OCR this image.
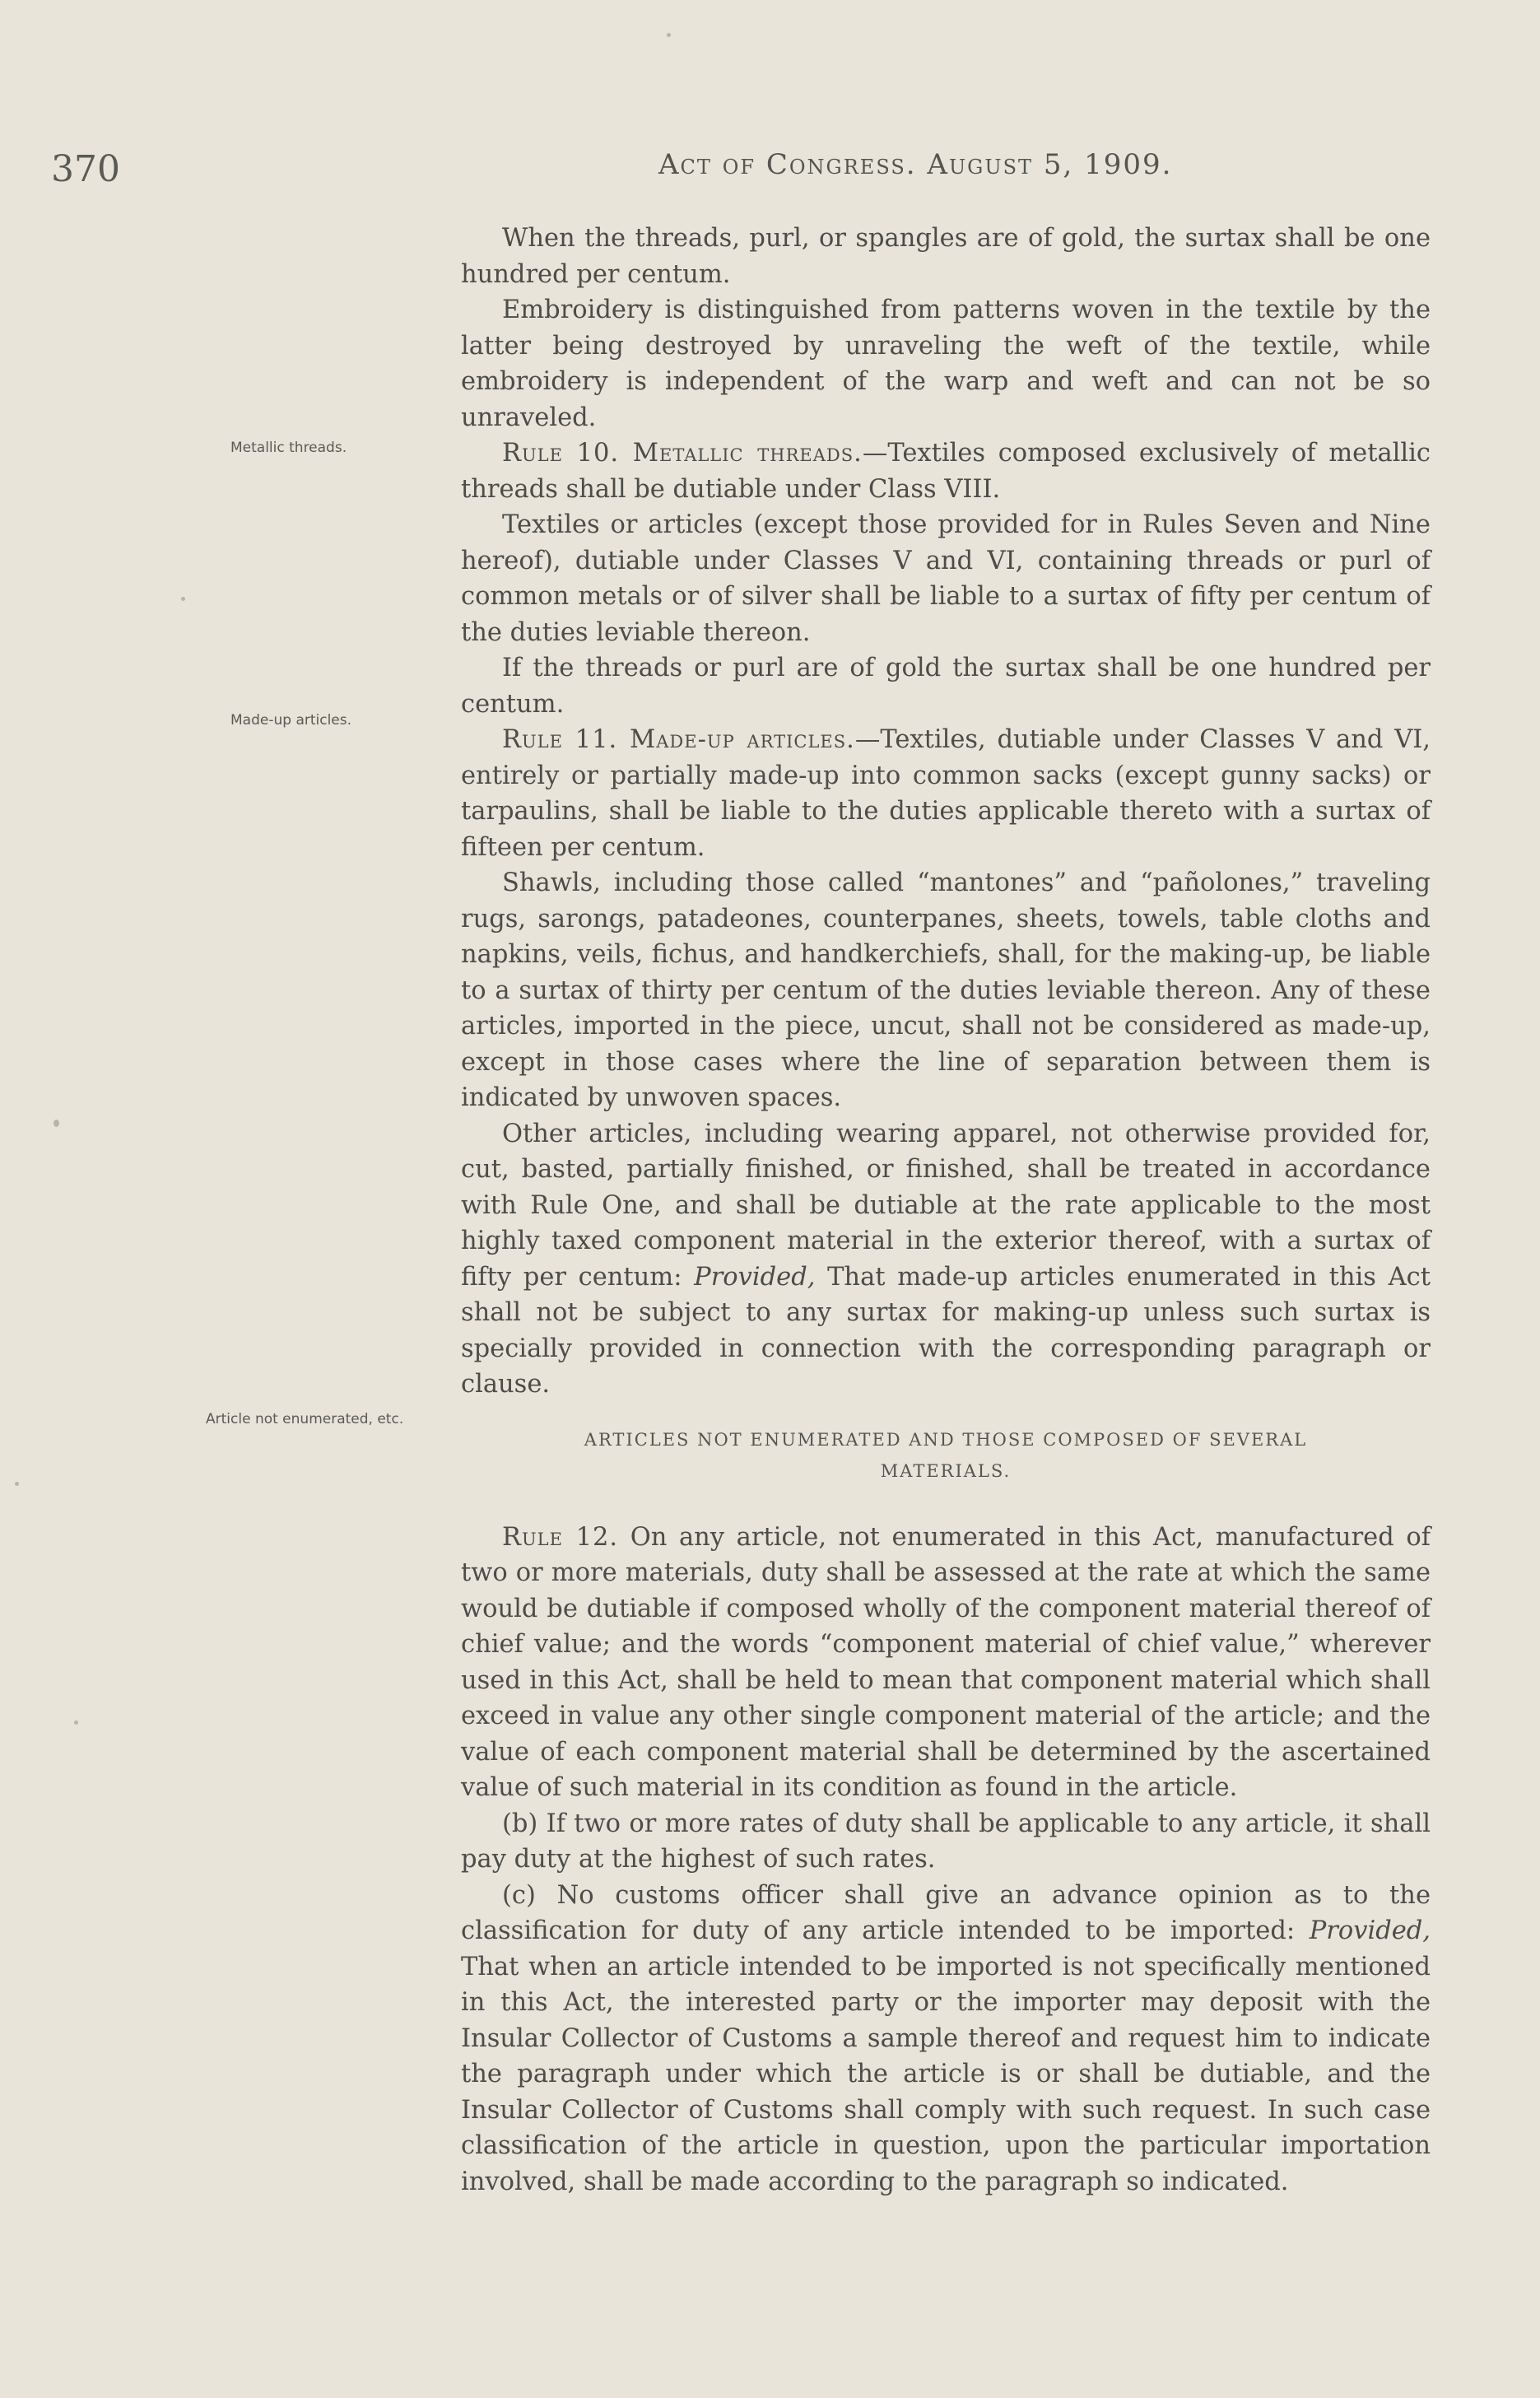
370	Act of Congress. August 5, 1909.
Metallic threads.
Made-up articles.
Article not enumerated, etc.

When the threads, purl, or spangles are of gold, the surtax shall be one hundred per centum.

Embroidery is distinguished from patterns woven in the textile by the latter being destroyed by unraveling the weft of the textile, while embroidery is independent of the warp and weft and can not be so unraveled.

Rule 10. Metallic threads.—Textiles composed exclusively of metallic threads shall be dutiable under Class VIII.

Textiles or articles (except those provided for in Rules Seven and Nine hereof), dutiable under Classes V and VI, containing threads or purl of common metals or of silver shall be liable to a surtax of fifty per centum of the duties leviable thereon.

If the threads or purl are of gold the surtax shall be one hundred per centum.

Rule 11. Made-up articles.—Textiles, dutiable under Classes V and VI, entirely or partially made-up into common sacks (except gunny sacks) or tarpaulins, shall be liable to the duties applicable thereto with a surtax of fifteen per centum.

Shawls, including those called “mantones” and “pañolones,” traveling rugs, sarongs, patadeones, counterpanes, sheets, towels, table cloths and napkins, veils, fichus, and handkerchiefs, shall, for the making-up, be liable to a surtax of thirty per centum of the duties leviable thereon. Any of these articles, imported in the piece, uncut, shall not be considered as made-up, except in those cases where the line of separation between them is indicated by unwoven spaces.

Other articles, including wearing apparel, not otherwise provided for, cut, basted, partially finished, or finished, shall be treated in accordance with Rule One, and shall be dutiable at the rate applicable to the most highly taxed component material in the exterior thereof, with a surtax of fifty per centum: Provided, That made-up articles enumerated in this Act shall not be subject to any surtax for making-up unless such surtax is specially provided in connection with the corresponding paragraph or clause.

ARTICLES NOT ENUMERATED AND THOSE COMPOSED OF SEVERAL
MATERIALS.

Rule 12. On any article, not enumerated in this Act, manufactured of two or more materials, duty shall be assessed at the rate at which the same would be dutiable if composed wholly of the component material thereof of chief value; and the words “component material of chief value,” wherever used in this Act, shall be held to mean that component material which shall exceed in value any other single component material of the article; and the value of each component material shall be determined by the ascertained value of such material in its condition as found in the article.

(b) If two or more rates of duty shall be applicable to any article, it shall pay duty at the highest of such rates.

(c) No customs officer shall give an advance opinion as to the classification for duty of any article intended to be imported: Provided, That when an article intended to be imported is not specifically mentioned in this Act, the interested party or the importer may deposit with the Insular Collector of Customs a sample thereof and request him to indicate the paragraph under which the article is or shall be dutiable, and the Insular Collector of Customs shall comply with such request. In such case classification of the article in question, upon the particular importation involved, shall be made according to the paragraph so indicated.
